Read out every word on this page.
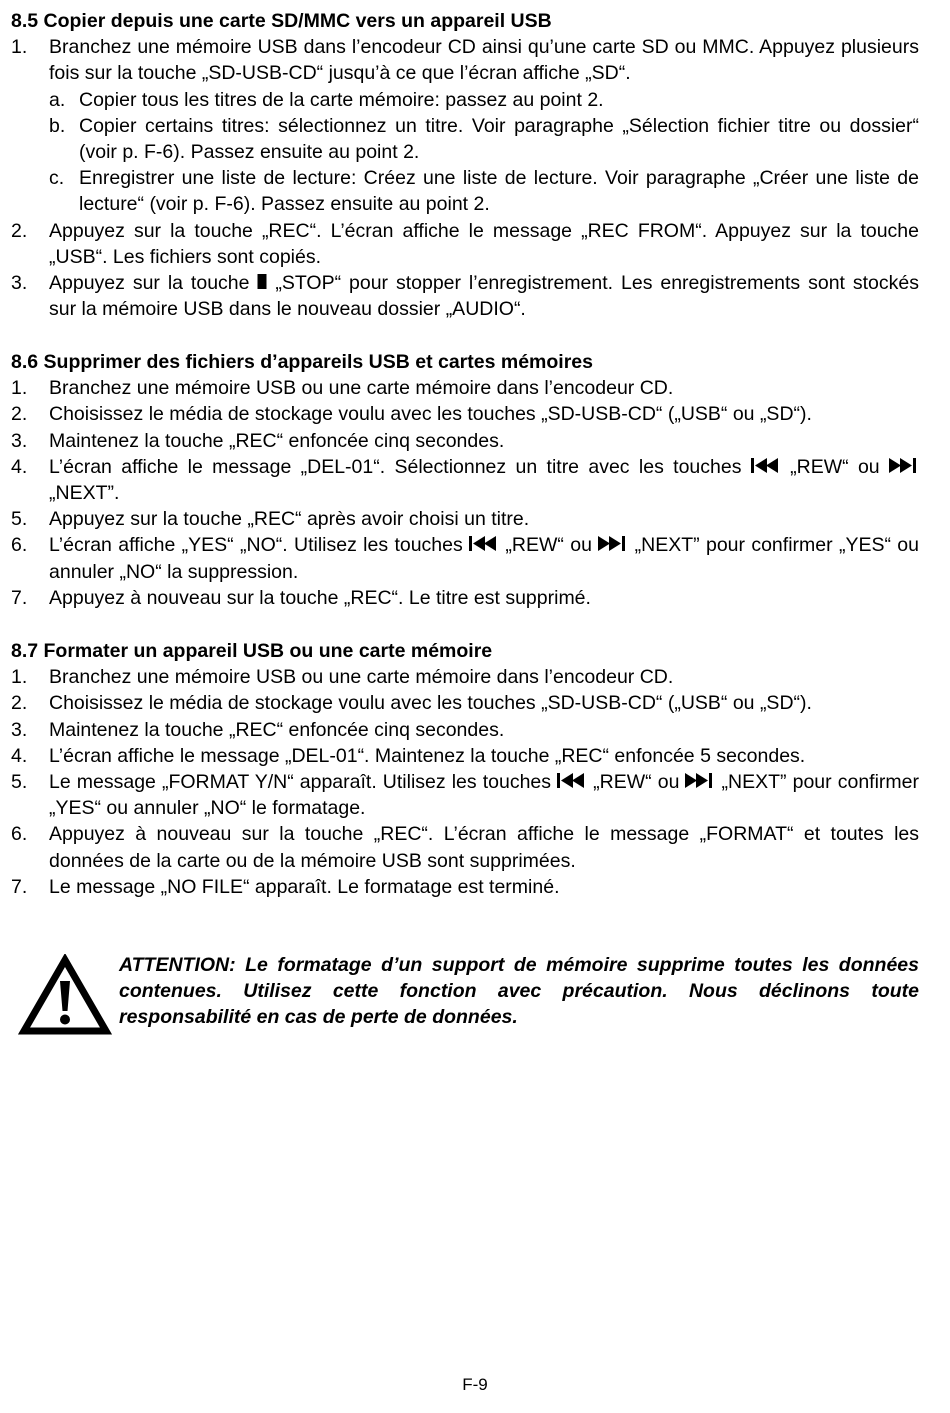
8.5 Copier depuis une carte SD/MMC vers un appareil USB
1. Branchez une mémoire USB dans l’encodeur CD ainsi qu’une carte SD ou MMC. Appuyez plusieurs fois sur la touche „SD-USB-CD“ jusqu’à ce que l’écran affiche „SD“.
a. Copier tous les titres de la carte mémoire: passez au point 2.
b. Copier certains titres: sélectionnez un titre. Voir paragraphe „Sélection fichier titre ou dossier“ (voir p. F-6). Passez ensuite au point 2.
c. Enregistrer une liste de lecture: Créez une liste de lecture. Voir paragraphe „Créer une liste de lecture“ (voir p. F-6). Passez ensuite au point 2.
2. Appuyez sur la touche „REC“. L’écran affiche le message „REC FROM“. Appuyez sur la touche „USB“. Les fichiers sont copiés.
3. Appuyez sur la touche
„STOP“ pour stopper l’enregistrement. Les enregistrements sont stockés sur la mémoire USB dans le nouveau dossier „AUDIO“.
8.6 Supprimer des fichiers d’appareils USB et cartes mémoires
1. Branchez une mémoire USB ou une carte mémoire dans l’encodeur CD.
2. Choisissez le média de stockage voulu avec les touches „SD-USB-CD“ („USB“ ou „SD“).
3. Maintenez la touche „REC“ enfoncée cinq secondes.
4. L’écran affiche le message „DEL-01“. Sélectionnez un titre avec les touches
„REW“ ou
„NEXT”.
5. Appuyez sur la touche „REC“ après avoir choisi un titre.
6. L’écran affiche „YES“ „NO“. Utilisez les touches
„REW“ ou
„NEXT” pour confirmer „YES“ ou annuler „NO“ la suppression.
7. Appuyez à nouveau sur la touche „REC“. Le titre est supprimé.
8.7 Formater un appareil USB ou une carte mémoire
1. Branchez une mémoire USB ou une carte mémoire dans l’encodeur CD.
2. Choisissez le média de stockage voulu avec les touches „SD-USB-CD“ („USB“ ou „SD“).
3. Maintenez la touche „REC“ enfoncée cinq secondes.
4. L’écran affiche le message „DEL-01“. Maintenez la touche „REC“ enfoncée 5 secondes.
5. Le message „FORMAT Y/N“ apparaît. Utilisez les touches
„REW“ ou
„NEXT” pour confirmer „YES“ ou annuler „NO“ le formatage.
6. Appuyez à nouveau sur la touche „REC“. L’écran affiche le message „FORMAT“ et toutes les données de la carte ou de la mémoire USB sont supprimées.
7. Le message „NO FILE“ apparaît. Le formatage est terminé.
ATTENTION: Le formatage d’un support de mémoire supprime toutes les données contenues. Utilisez cette fonction avec précaution. Nous déclinons toute responsabilité en cas de perte de données.
F-9
